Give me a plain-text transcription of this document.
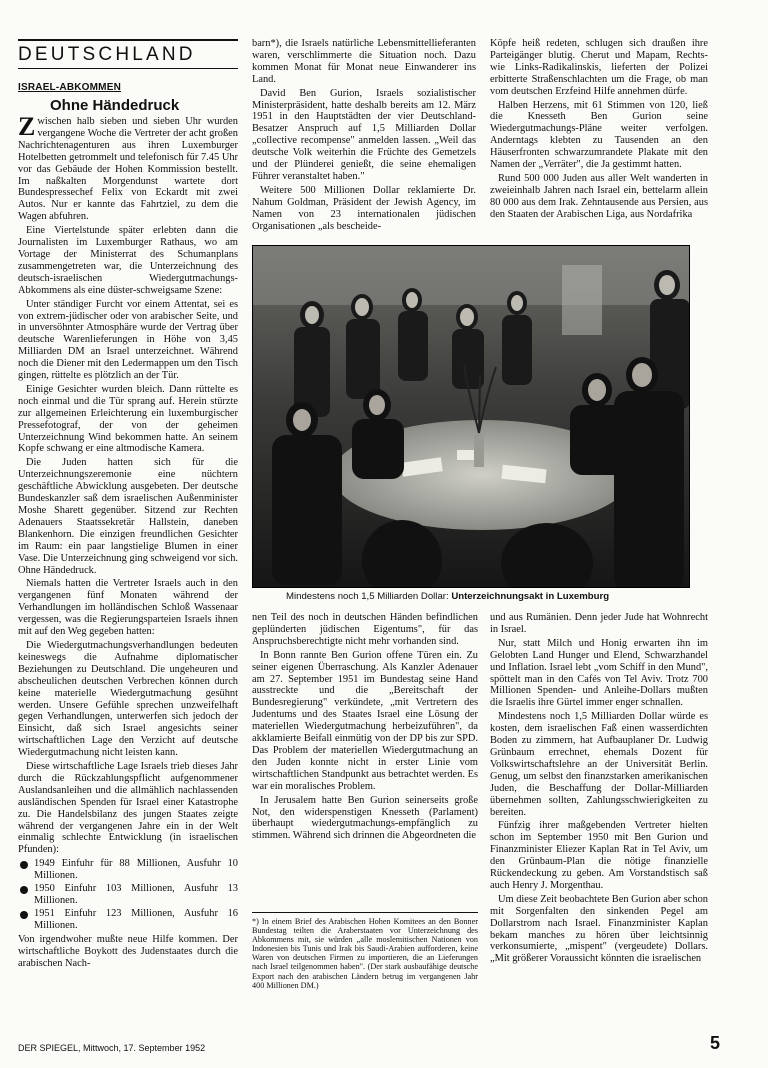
DEUTSCHLAND
ISRAEL-ABKOMMEN
Ohne Händedruck

Zwischen halb sieben und sieben Uhr wurden vergangene Woche die Vertreter der acht großen Nachrichtenagenturen aus ihren Luxemburger Hotelbetten getrommelt und telefonisch für 7.45 Uhr vor das Gebäude der Hohen Kommission bestellt. Im naßkalten Morgendunst wartete dort Bundespressechef Felix von Eckardt mit zwei Autos. Nur er kannte das Fahrtziel, zu dem die Wagen abfuhren.

Eine Viertelstunde später erlebten dann die Journalisten im Luxemburger Rathaus, wo am Vortage der Ministerrat des Schumanplans zusammengetreten war, die Unterzeichnung des deutsch-israelischen Wiedergutmachungs-Abkommens als eine düster-schweigsame Szene:

Unter ständiger Furcht vor einem Attentat, sei es von extrem-jüdischer oder von arabischer Seite, und in unversöhnter Atmosphäre wurde der Vertrag über deutsche Warenlieferungen in Höhe von 3,45 Milliarden DM an Israel unterzeichnet. Während noch die Diener mit den Ledermappen um den Tisch gingen, rüttelte es plötzlich an der Tür.

Einige Gesichter wurden bleich. Dann rüttelte es noch einmal und die Tür sprang auf. Herein stürzte zur allgemeinen Erleichterung ein luxemburgischer Pressefotograf, der von der geheimen Unterzeichnung Wind bekommen hatte. An seinem Kopfe schwang er eine altmodische Kamera.

Die Juden hatten sich für die Unterzeichnungszeremonie eine nüchtern geschäftliche Abwicklung ausgebeten. Der deutsche Bundeskanzler saß dem israelischen Außenminister Moshe Sharett gegenüber. Sitzend zur Rechten Adenauers Staatssekretär Hallstein, daneben Blankenhorn. Die einzigen freundlichen Gesichter im Raum: ein paar langstielige Blumen in einer Vase. Die Unterzeichnung ging schweigend vor sich. Ohne Händedruck.

Niemals hatten die Vertreter Israels auch in den vergangenen fünf Monaten während der Verhandlungen im holländischen Schloß Wassenaar vergessen, was die Regierungsparteien Israels ihnen mit auf den Weg gegeben hatten:

Die Wiedergutmachungsverhandlungen bedeuten keineswegs die Aufnahme diplomatischer Beziehungen zu Deutschland. Die ungeheuren und abscheulichen deutschen Verbrechen können durch keine materielle Wiedergutmachung gesühnt werden. Unsere Gefühle sprechen unzweifelhaft gegen Verhandlungen, unterwerfen sich jedoch der Einsicht, daß sich Israel angesichts seiner wirtschaftlichen Lage den Verzicht auf deutsche Wiedergutmachung nicht leisten kann.

Diese wirtschaftliche Lage Israels trieb dieses Jahr durch die Rückzahlungspflicht aufgenommener Auslandsanleihen und die allmählich nachlassenden ausländischen Spenden für Israel einer Katastrophe zu. Die Handelsbilanz des jungen Staates zeigte während der vergangenen Jahre ein in der Welt einmalig schlechte Entwicklung (in israelischen Pfunden):

1949 Einfuhr für 88 Millionen, Ausfuhr 10 Millionen.
1950 Einfuhr 103 Millionen, Ausfuhr 13 Millionen.
1951 Einfuhr 123 Millionen, Ausfuhr 16 Millionen.

Von irgendwoher mußte neue Hilfe kommen. Der wirtschaftliche Boykott des Judenstaates durch die arabischen Nach-

barn*), die Israels natürliche Lebensmittellieferanten waren, verschlimmerte die Situation noch. Dazu kommen Monat für Monat neue Einwanderer ins Land.

David Ben Gurion, Israels sozialistischer Ministerpräsident, hatte deshalb bereits am 12. März 1951 in den Hauptstädten der vier Deutschland-Besatzer Anspruch auf 1,5 Milliarden Dollar „collective recompense" anmelden lassen. „Weil das deutsche Volk weiterhin die Früchte des Gemetzels und der Plünderei genießt, die seine ehemaligen Führer veranstaltet haben."

Weitere 500 Millionen Dollar reklamierte Dr. Nahum Goldman, Präsident der Jewish Agency, im Namen von 23 internationalen jüdischen Organisationen „als bescheide-

Köpfe heiß redeten, schlugen sich draußen ihre Parteigänger blutig. Cherut und Mapam, Rechts- wie Links-Radikalinskis, lieferten der Polizei erbitterte Straßenschlachten um die Frage, ob man vom deutschen Erzfeind Hilfe annehmen dürfe.

Halben Herzens, mit 61 Stimmen von 120, ließ die Knesseth Ben Gurion seine Wiedergutmachungs-Pläne weiter verfolgen. Anderntags klebten zu Tausenden an den Häuserfronten schwarzumrandete Plakate mit den Namen der „Verräter", die Ja gestimmt hatten.

Rund 500 000 Juden aus aller Welt wanderten in zweieinhalb Jahren nach Israel ein, bettelarm allein 80 000 aus dem Irak. Zehntausende aus Persien, aus den Staaten der Arabischen Liga, aus Nordafrika

Mindestens noch 1,5 Milliarden Dollar: Unterzeichnungsakt in Luxemburg

nen Teil des noch in deutschen Händen befindlichen geplünderten jüdischen Eigentums", für das Anspruchsberechtigte nicht mehr vorhanden sind.

In Bonn rannte Ben Gurion offene Türen ein. Zu seiner eigenen Überraschung. Als Kanzler Adenauer am 27. September 1951 im Bundestag seine Hand ausstreckte und die „Bereitschaft der Bundesregierung" verkündete, „mit Vertretern des Judentums und des Staates Israel eine Lösung der materiellen Wiedergutmachung herbeizuführen", da akklamierte Beifall einmütig von der DP bis zur SPD. Das Problem der materiellen Wiedergutmachung an den Juden konnte nicht in erster Linie vom wirtschaftlichen Standpunkt aus betrachtet werden. Es war ein moralisches Problem.

In Jerusalem hatte Ben Gurion seinerseits große Not, den widerspenstigen Knesseth (Parlament) überhaupt wiedergutmachungs-empfänglich zu stimmen. Während sich drinnen die Abgeordneten die

*) In einem Brief des Arabischen Hohen Komitees an den Bonner Bundestag teilten die Araberstaaten vor Unterzeichnung des Abkommens mit, sie würden „alle moslemitischen Nationen von Indonesien bis Tunis und Irak bis Saudi-Arabien aufforderen, keine Waren von deutschen Firmen zu importieren, die an Lieferungen nach Israel teilgenommen haben". (Der stark ausbaufähige deutsche Export nach den arabischen Ländern betrug im vergangenen Jahr 400 Millionen DM.)

und aus Rumänien. Denn jeder Jude hat Wohnrecht in Israel.

Nur, statt Milch und Honig erwarten ihn im Gelobten Land Hunger und Elend, Schwarzhandel und Inflation. Israel lebt „vom Schiff in den Mund", spöttelt man in den Cafés von Tel Aviv. Trotz 700 Millionen Spenden- und Anleihe-Dollars mußten die Israelis ihre Gürtel immer enger schnallen.

Mindestens noch 1,5 Milliarden Dollar würde es kosten, dem israelischen Faß einen wasserdichten Boden zu zimmern, hat Aufbauplaner Dr. Ludwig Grünbaum errechnet, ehemals Dozent für Volkswirtschaftslehre an der Universität Berlin. Genug, um selbst den finanzstarken amerikanischen Juden, die Beschaffung der Dollar-Milliarden übernehmen sollten, Zahlungsschwierigkeiten zu bereiten.

Fünfzig ihrer maßgebenden Vertreter hielten schon im September 1950 mit Ben Gurion und Finanzminister Eliezer Kaplan Rat in Tel Aviv, um den Grünbaum-Plan die nötige finanzielle Rückendeckung zu geben. Am Vorstandstisch saß auch Henry J. Morgenthau.

Um diese Zeit beobachtete Ben Gurion aber schon mit Sorgenfalten den sinkenden Pegel am Dollarstrom nach Israel. Finanzminister Kaplan bekam manches zu hören über leichtsinnig verkonsumierte, „mispent" (vergeudete) Dollars. „Mit größerer Voraussicht könnten die israelischen

DER SPIEGEL, Mittwoch, 17. September 1952	5
